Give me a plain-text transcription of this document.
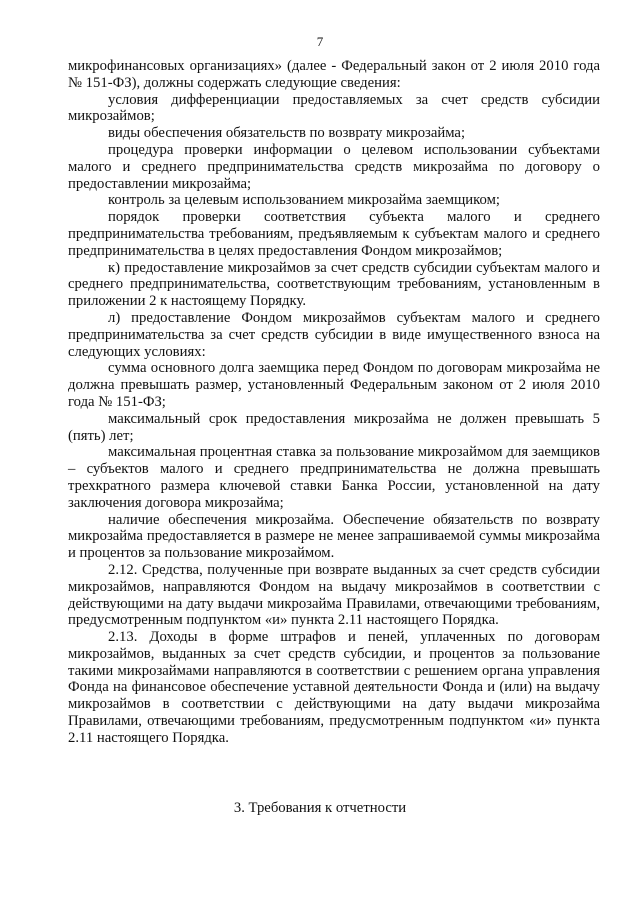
7

микрофинансовых организациях» (далее - Федеральный закон от 2 июля 2010 года № 151-ФЗ), должны содержать следующие сведения:

условия дифференциации предоставляемых за счет средств субсидии микрозаймов;

виды обеспечения обязательств по возврату микрозайма;

процедура проверки информации о целевом использовании субъектами малого и среднего предпринимательства средств микрозайма по договору о предоставлении микрозайма;

контроль за целевым использованием микрозайма заемщиком;

порядок проверки соответствия субъекта малого и среднего предпринимательства требованиям, предъявляемым к субъектам малого и среднего предпринимательства в целях предоставления Фондом микрозаймов;

к) предоставление микрозаймов за счет средств субсидии субъектам малого и среднего предпринимательства, соответствующим требованиям, установленным в приложении 2 к настоящему Порядку.

л) предоставление Фондом микрозаймов субъектам малого и среднего предпринимательства за счет средств субсидии в виде имущественного взноса на следующих условиях:

сумма основного долга заемщика перед Фондом по договорам микрозайма не должна превышать размер, установленный Федеральным законом от 2 июля 2010 года № 151-ФЗ;

максимальный срок предоставления микрозайма не должен превышать 5 (пять) лет;

максимальная процентная ставка за пользование микрозаймом для заемщиков – субъектов малого и среднего предпринимательства не должна превышать трехкратного размера ключевой ставки Банка России, установленной на дату заключения договора микрозайма;

наличие обеспечения микрозайма. Обеспечение обязательств по возврату микрозайма предоставляется в размере не менее запрашиваемой суммы микрозайма и процентов за пользование микрозаймом.

2.12. Средства, полученные при возврате выданных за счет средств субсидии микрозаймов, направляются Фондом на выдачу микрозаймов в соответствии с действующими на дату выдачи микрозайма Правилами, отвечающими требованиям, предусмотренным подпунктом «и» пункта 2.11 настоящего Порядка.

2.13. Доходы в форме штрафов и пеней, уплаченных по договорам микрозаймов, выданных за счет средств субсидии, и процентов за пользование такими микрозаймами направляются в соответствии с решением органа управления Фонда на финансовое обеспечение уставной деятельности Фонда и (или) на выдачу микрозаймов в соответствии с действующими на дату выдачи микрозайма Правилами, отвечающими требованиям, предусмотренным подпунктом «и» пункта 2.11 настоящего Порядка.

3. Требования к отчетности
